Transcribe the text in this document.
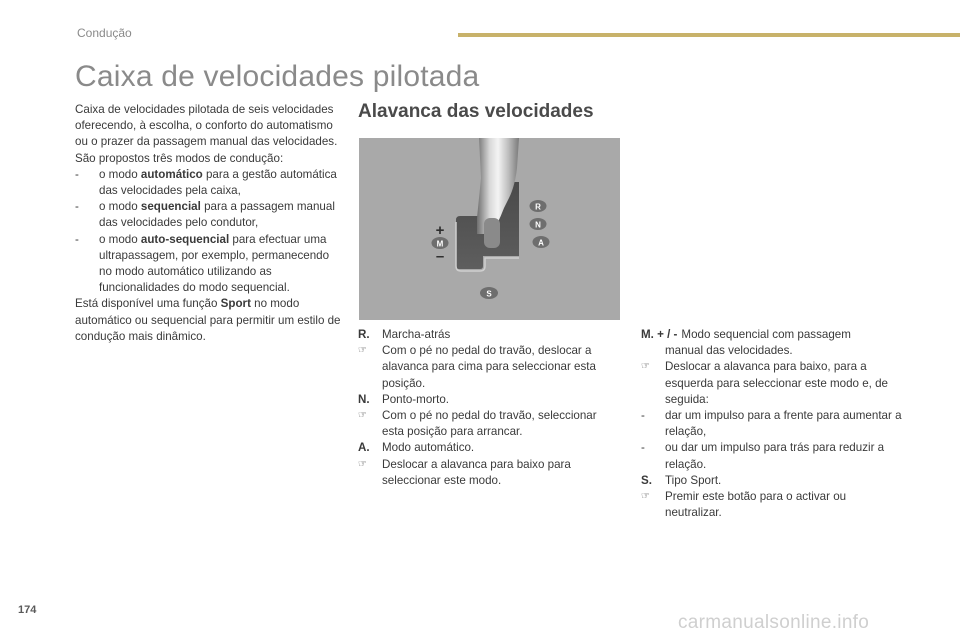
Condução
Caixa de velocidades pilotada

Caixa de velocidades pilotada de seis velocidades oferecendo, à escolha, o conforto do automatismo ou o prazer da passagem manual das velocidades.

São propostos três modos de condução:

- o modo automático para a gestão automática das velocidades pela caixa,
- o modo sequencial para a passagem manual das velocidades pelo condutor,
- o modo auto-sequencial para efectuar uma ultrapassagem, por exemplo, permanecendo no modo automático utilizando as funcionalidades do modo sequencial.

Está disponível uma função Sport no modo automático ou sequencial para permitir um estilo de condução mais dinâmico.

Alavanca das velocidades
R
N
A
M
+
–
S
R. Marcha-atrás
☞ Com o pé no pedal do travão, deslocar a alavanca para cima para seleccionar esta posição.
N. Ponto-morto.
☞ Com o pé no pedal do travão, seleccionar esta posição para arrancar.
A. Modo automático.
☞ Deslocar a alavanca para baixo para seleccionar este modo.
M. + / - Modo sequencial com passagem
manual das velocidades.
☞ Deslocar a alavanca para baixo, para a esquerda para seleccionar este modo e, de seguida:
- dar um impulso para a frente para aumentar a relação,
- ou dar um impulso para trás para reduzir a relação.
S. Tipo Sport.
☞ Premir este botão para o activar ou neutralizar.
174
carmanualsonline.info
